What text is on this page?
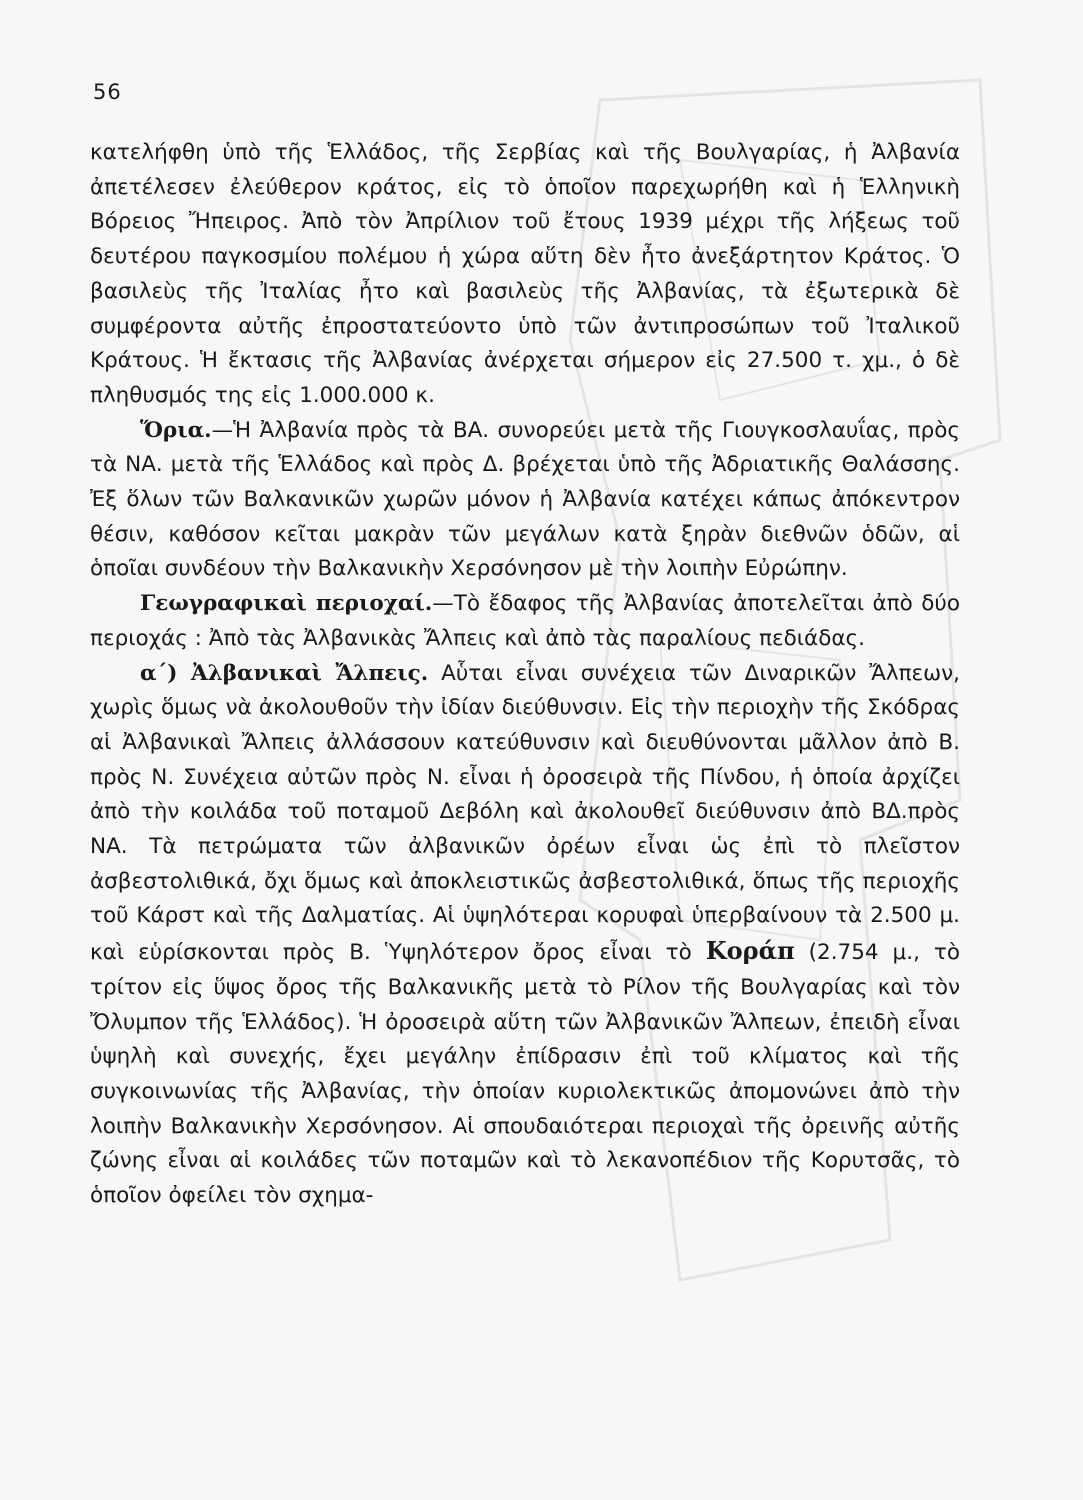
56

κατελήφθη ὑπὸ τῆς Ἑλλάδος, τῆς Σερβίας καὶ τῆς Βουλγαρίας, ἡ Ἀλβανία ἀπετέλεσεν ἐλεύθερον κράτος, εἰς τὸ ὁποῖον παρεχωρήθη καὶ ἡ Ἑλληνικὴ Βόρειος Ἤπειρος. Ἀπὸ τὸν Ἀπρίλιον τοῦ ἔτους 1939 μέχρι τῆς λήξεως τοῦ δευτέρου παγκοσμίου πολέμου ἡ χώρα αὕτη δὲν ἦτο ἀνεξάρτητον Κράτος. Ὁ βασιλεὺς τῆς Ἰταλίας ἦτο καὶ βασιλεὺς τῆς Ἀλβανίας, τὰ ἐξωτερικὰ δὲ συμφέροντα αὐτῆς ἐπροστατεύοντο ὑπὸ τῶν ἀντιπροσώπων τοῦ Ἰταλικοῦ Κράτους. Ἡ ἔκτασις τῆς Ἀλβανίας ἀνέρχεται σήμερον εἰς 27.500 τ. χμ., ὁ δὲ πληθυσμός της εἰς 1.000.000 κ.

Ὅρια.—Ἡ Ἀλβανία πρὸς τὰ ΒΑ. συνορεύει μετὰ τῆς Γιουγκοσλαυΐας, πρὸς τὰ ΝΑ. μετὰ τῆς Ἑλλάδος καὶ πρὸς Δ. βρέχεται ὑπὸ τῆς Ἀδριατικῆς Θαλάσσης. Ἐξ ὅλων τῶν Βαλκανικῶν χωρῶν μόνον ἡ Ἀλβανία κατέχει κάπως ἀπόκεντρον θέσιν, καθόσον κεῖται μακρὰν τῶν μεγάλων κατὰ ξηρὰν διεθνῶν ὁδῶν, αἱ ὁποῖαι συνδέουν τὴν Βαλκανικὴν Χερσόνησον μὲ τὴν λοιπὴν Εὐρώπην.

Γεωγραφικαὶ περιοχαί.—Τὸ ἔδαφος τῆς Ἀλβανίας ἀποτελεῖται ἀπὸ δύο περιοχάς : Ἀπὸ τὰς Ἀλβανικὰς Ἄλπεις καὶ ἀπὸ τὰς παραλίους πεδιάδας.

α΄) Ἀλβανικαὶ Ἄλπεις. Αὗται εἶναι συνέχεια τῶν Διναρικῶν Ἄλπεων, χωρὶς ὅμως νὰ ἀκολουθοῦν τὴν ἰδίαν διεύθυνσιν. Εἰς τὴν περιοχὴν τῆς Σκόδρας αἱ Ἀλβανικαὶ Ἄλπεις ἀλλάσσουν κατεύθυνσιν καὶ διευθύνονται μᾶλλον ἀπὸ Β. πρὸς Ν. Συνέχεια αὐτῶν πρὸς Ν. εἶναι ἡ ὀροσειρὰ τῆς Πίνδου, ἡ ὁποία ἀρχίζει ἀπὸ τὴν κοιλάδα τοῦ ποταμοῦ Δεβόλη καὶ ἀκολουθεῖ διεύθυνσιν ἀπὸ ΒΔ.πρὸς ΝΑ. Τὰ πετρώματα τῶν ἀλβανικῶν ὀρέων εἶναι ὡς ἐπὶ τὸ πλεῖστον ἀσβεστολιθικά, ὄχι ὅμως καὶ ἀποκλειστικῶς ἀσβεστολιθικά, ὅπως τῆς περιοχῆς τοῦ Κάρστ καὶ τῆς Δαλματίας. Αἱ ὑψηλότεραι κορυφαὶ ὑπερβαίνουν τὰ 2.500 μ. καὶ εὑρίσκονται πρὸς Β. Ὑψηλότερον ὄρος εἶναι τὸ Κοράπ (2.754 μ., τὸ τρίτον εἰς ὕψος ὄρος τῆς Βαλκανικῆς μετὰ τὸ Ρίλον τῆς Βουλγαρίας καὶ τὸν Ὄλυμπον τῆς Ἑλλάδος). Ἡ ὀροσειρὰ αὕτη τῶν Ἀλβανικῶν Ἄλπεων, ἐπειδὴ εἶναι ὑψηλὴ καὶ συνεχής, ἔχει μεγάλην ἐπίδρασιν ἐπὶ τοῦ κλίματος καὶ τῆς συγκοινωνίας τῆς Ἀλβανίας, τὴν ὁποίαν κυριολεκτικῶς ἀπομονώνει ἀπὸ τὴν λοιπὴν Βαλκανικὴν Χερσόνησον. Αἱ σπουδαιότεραι περιοχαὶ τῆς ὀρεινῆς αὐτῆς ζώνης εἶναι αἱ κοιλάδες τῶν ποταμῶν καὶ τὸ λεκανοπέδιον τῆς Κορυτσᾶς, τὸ ὁποῖον ὀφείλει τὸν σχημα-
